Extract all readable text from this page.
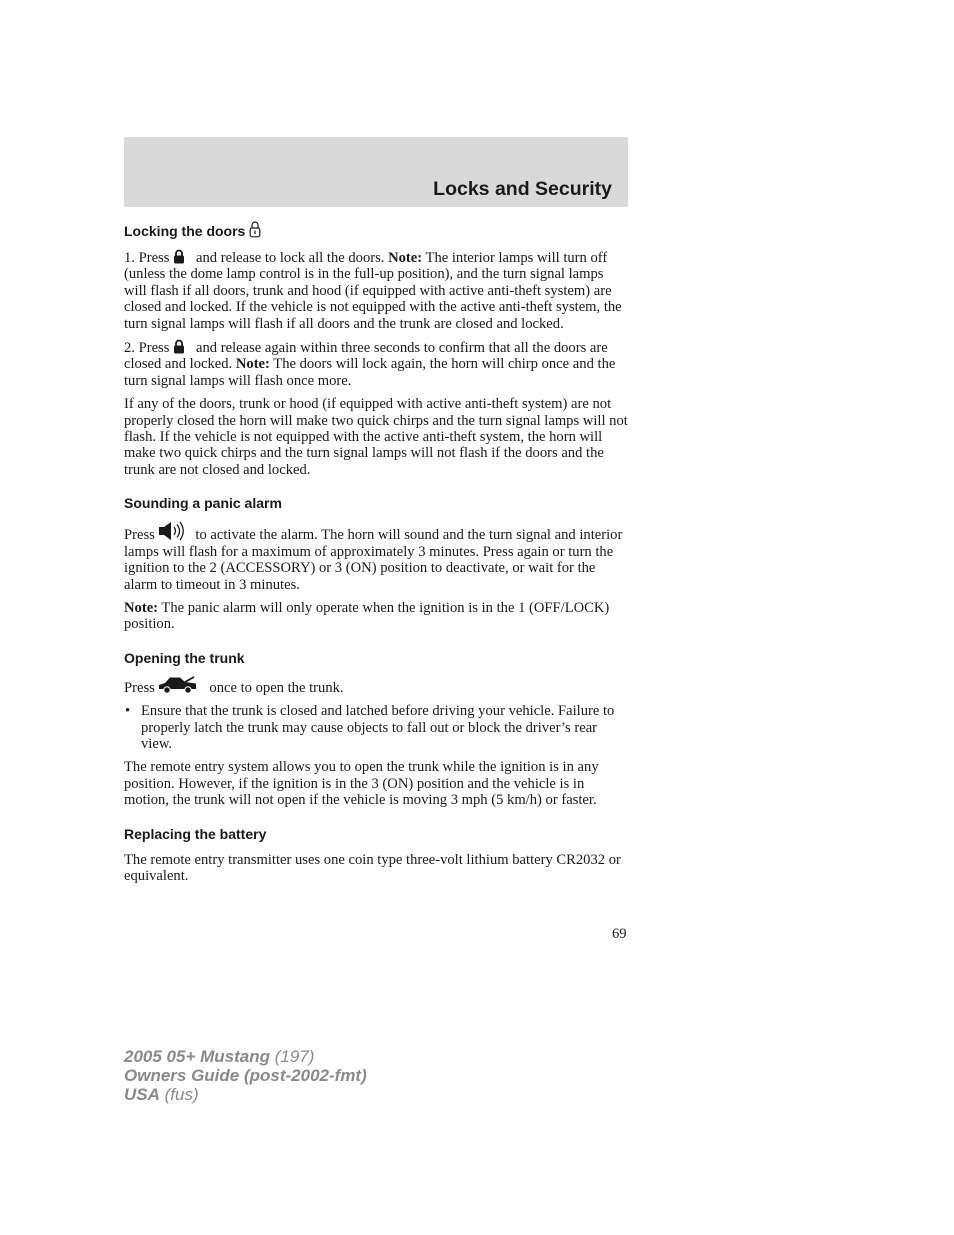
Locks and Security
Locking the doors

1. Press
and release to lock all the doors. Note: The interior lamps will turn off (unless the dome lamp control is in the full-up position), and the turn signal lamps will flash if all doors, trunk and hood (if equipped with active anti-theft system) are closed and locked. If the vehicle is not equipped with the active anti-theft system, the turn signal lamps will flash if all doors and the trunk are closed and locked.

2. Press
and release again within three seconds to confirm that all the doors are closed and locked. Note: The doors will lock again, the horn will chirp once and the turn signal lamps will flash once more.

If any of the doors, trunk or hood (if equipped with active anti-theft system) are not properly closed the horn will make two quick chirps and the turn signal lamps will not flash. If the vehicle is not equipped with the active anti-theft system, the horn will make two quick chirps and the turn signal lamps will not flash if the doors and the trunk are not closed and locked.

Sounding a panic alarm

Press	to activate the alarm. The horn will sound and the turn signal and interior lamps will flash for a maximum of approximately 3 minutes. Press again or turn the ignition to the 2 (ACCESSORY) or 3 (ON) position to deactivate, or wait for the alarm to timeout in 3 minutes.

Note: The panic alarm will only operate when the ignition is in the 1 (OFF/LOCK) position.

Opening the trunk

Press	once to open the trunk.

• Ensure that the trunk is closed and latched before driving your vehicle. Failure to properly latch the trunk may cause objects to fall out or block the driver’s rear view.

The remote entry system allows you to open the trunk while the ignition is in any position. However, if the ignition is in the 3 (ON) position and the vehicle is in motion, the trunk will not open if the vehicle is moving 3 mph (5 km/h) or faster.

Replacing the battery

The remote entry transmitter uses one coin type three-volt lithium battery CR2032 or equivalent.

69
2005 05+ Mustang (197)
Owners Guide (post-2002-fmt)
USA (fus)
